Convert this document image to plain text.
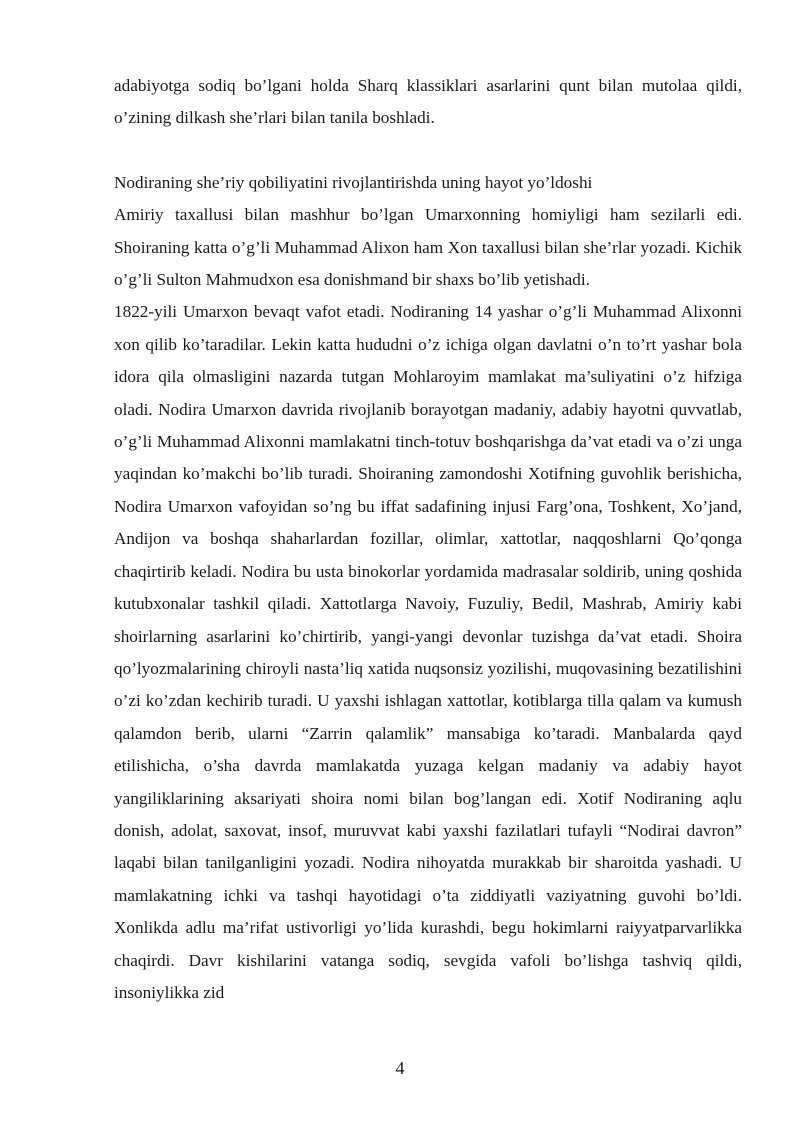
adabiyotga sodiq bo’lgani holda Sharq klassiklari asarlarini qunt bilan mutolaa qildi, o’zining dilkash she’rlari bilan tanila boshladi.

Nodiraning she’riy qobiliyatini rivojlantirishda uning hayot yo’ldoshi

Amiriy taxallusi bilan mashhur bo’lgan Umarxonning homiyligi ham sezilarli edi. Shoiraning katta o’g’li Muhammad Alixon ham Xon taxallusi bilan she’rlar yozadi. Kichik o’g’li Sulton Mahmudxon esa donishmand bir shaxs bo’lib yetishadi.

1822-yili Umarxon bevaqt vafot etadi. Nodiraning 14 yashar o’g’li Muhammad Alixonni xon qilib ko’taradilar. Lekin katta hududni o’z ichiga olgan davlatni o’n to’rt yashar bola idora qila olmasligini nazarda tutgan Mohlaroyim mamlakat ma’suliyatini o’z hifziga oladi. Nodira Umarxon davrida rivojlanib borayotgan madaniy, adabiy hayotni quvvatlab, o’g’li Muhammad Alixonni mamlakatni tinch-totuv boshqarishga da’vat etadi va o’zi unga yaqindan ko’makchi bo’lib turadi. Shoiraning zamondoshi Xotifning guvohlik berishicha, Nodira Umarxon vafoyidan so’ng bu iffat sadafining injusi Farg’ona, Toshkent, Xo’jand, Andijon va boshqa shaharlardan fozillar, olimlar, xattotlar, naqqoshlarni Qo’qonga chaqirtirib keladi. Nodira bu usta binokorlar yordamida madrasalar soldirib, uning qoshida kutubxonalar tashkil qiladi. Xattotlarga Navoiy, Fuzuliy, Bedil, Mashrab, Amiriy kabi shoirlarning asarlarini ko’chirtirib, yangi-yangi devonlar tuzishga da’vat etadi. Shoira qo’lyozmalarining chiroyli nasta’liq xatida nuqsonsiz yozilishi, muqovasining bezatilishini o’zi ko’zdan kechirib turadi. U yaxshi ishlagan xattotlar, kotiblarga tilla qalam va kumush qalamdon berib, ularni “Zarrin qalamlik” mansabiga ko’taradi. Manbalarda qayd etilishicha, o’sha davrda mamlakatda yuzaga kelgan madaniy va adabiy hayot yangiliklarining aksariyati shoira nomi bilan bog’langan edi. Xotif Nodiraning aqlu donish, adolat, saxovat, insof, muruvvat kabi yaxshi fazilatlari tufayli “Nodirai davron” laqabi bilan tanilganligini yozadi. Nodira nihoyatda murakkab bir sharoitda yashadi. U mamlakatning ichki va tashqi hayotidagi o’ta ziddiyatli vaziyatning guvohi bo’ldi. Xonlikda adlu ma’rifat ustivorligi yo’lida kurashdi, begu hokimlarni raiyyatparvarlikka chaqirdi. Davr kishilarini vatanga sodiq, sevgida vafoli bo’lishga tashviq qildi, insoniylikka zid

4
